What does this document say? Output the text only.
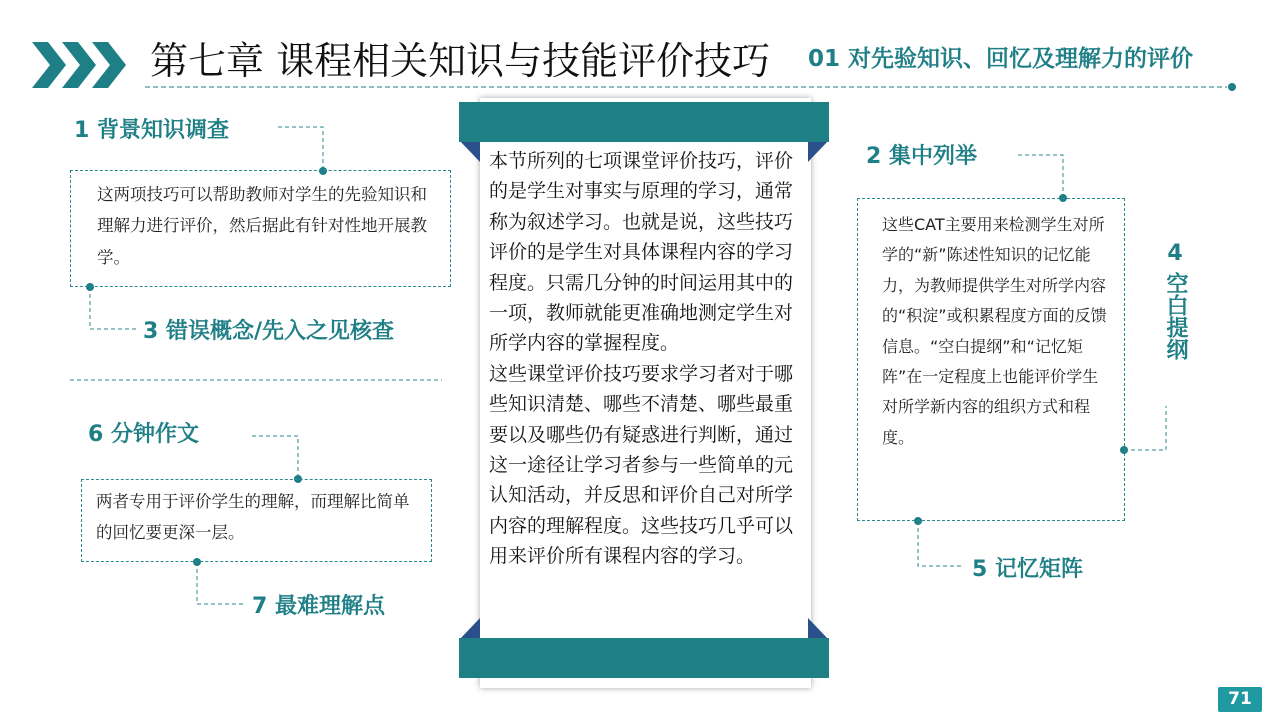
第七章 课程相关知识与技能评价技巧 01 对先验知识、回忆及理解力的评价
1 背景知识调查
这两项技巧可以帮助教师对学生的先验知识和理解力进行评价，然后据此有针对性地开展教学。
3 错误概念/先入之见核查
6 分钟作文
两者专用于评价学生的理解，而理解比简单的回忆要更深一层。
7 最难理解点

本节所列的七项课堂评价技巧，评价的是学生对事实与原理的学习，通常称为叙述学习。也就是说，这些技巧评价的是学生对具体课程内容的学习程度。只需几分钟的时间运用其中的一项，教师就能更准确地测定学生对所学内容的掌握程度。

这些课堂评价技巧要求学习者对于哪些知识清楚、哪些不清楚、哪些最重要以及哪些仍有疑惑进行判断，通过这一途径让学习者参与一些简单的元认知活动，并反思和评价自己对所学内容的理解程度。这些技巧几乎可以用来评价所有课程内容的学习。

2 集中列举
这些CAT主要用来检测学生对所学的“新”陈述性知识的记忆能力，为教师提供学生对所学内容的“积淀”或积累程度方面的反馈信息。“空白提纲”和“记忆矩阵”在一定程度上也能评价学生对所学新内容的组织方式和程度。
4
空白提纲
5 记忆矩阵
71
